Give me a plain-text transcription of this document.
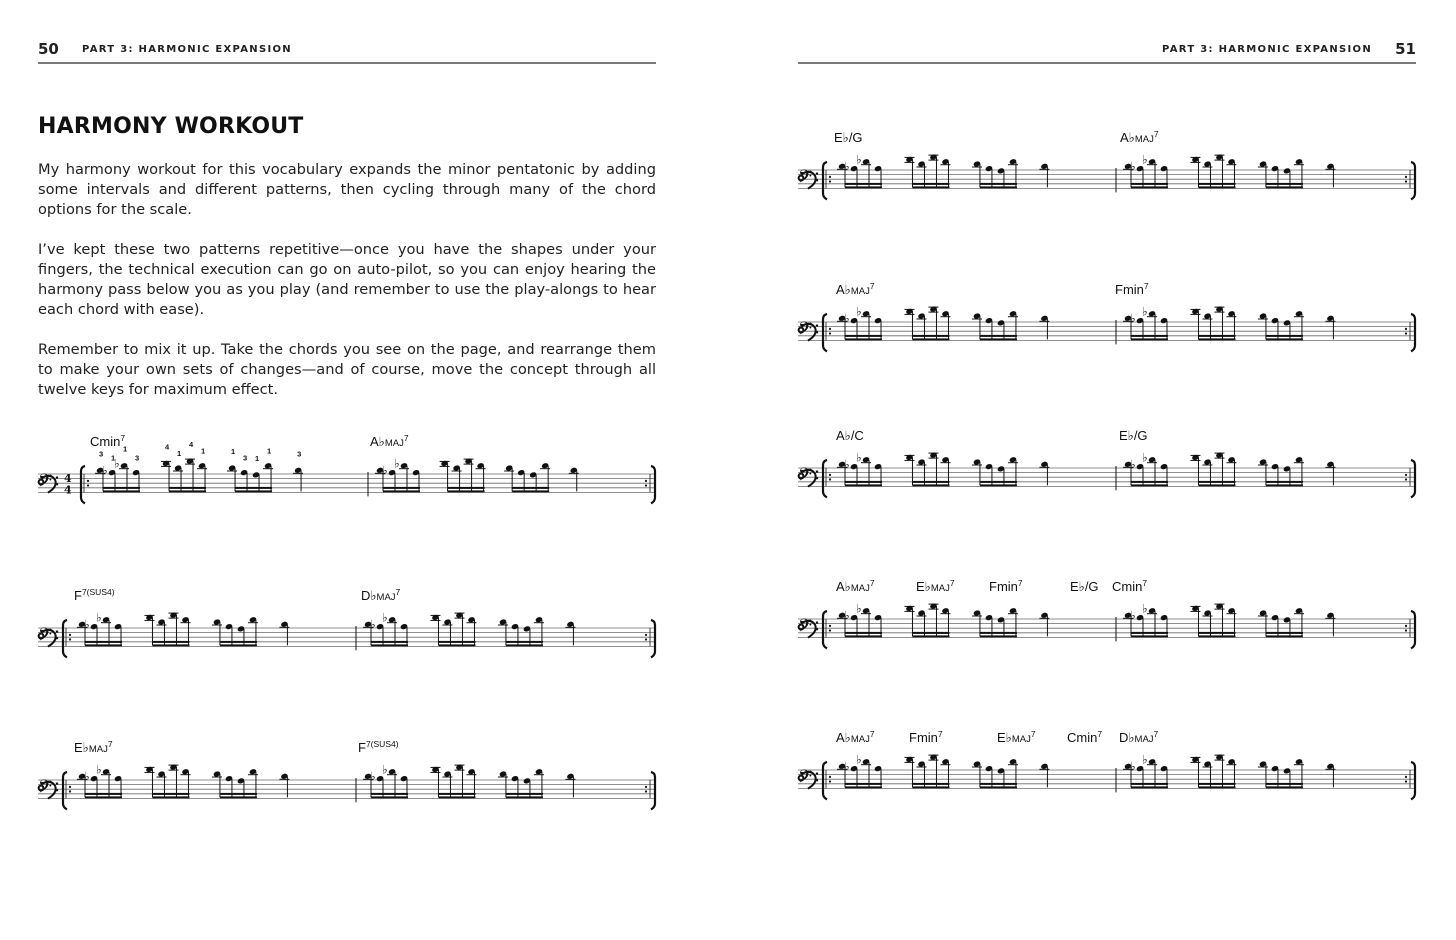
50 PART 3: HARMONIC EXPANSION
HARMONY WORKOUT

My harmony workout for this vocabulary expands the minor pentatonic by adding some intervals and different patterns, then cycling through many of the chord options for the scale.

I’ve kept these two patterns repetitive—once you have the shapes under your fingers, the technical execution can go on auto-pilot, so you can enjoy hearing the harmony pass below you as you play (and remember to use the play-alongs to hear each chord with ease).

Remember to mix it up. Take the chords you see on the page, and rearrange them to make your own sets of changes—and of course, move the concept through all twelve keys for maximum effect.

𝄢 4
4
3
♭
1
♭
1
3
4
1
4
1	1
3 1
1	3
♭ ♭
Cmin$^7$	A♭MAJ$^7$
𝄢
♭ ♭	♭ ♭
$F^{7(SUS4)}$	D♭MAJ$^7$
𝄢
♭ ♭	♭ ♭
E♭MAJ$^7$	$F^{7(SUS4)}$
PART 3: HARMONIC EXPANSION 51
𝄢
♭ ♭	♭ ♭
E♭/G	A♭MAJ$^7$
𝄢
♭ ♭	♭ ♭
A♭MAJ$^7$	Fmin$^7$
𝄢
♭ ♭	♭ ♭
A♭/C	E♭/G
𝄢
♭ ♭	♭ ♭
A♭MAJ$^7$	E♭MAJ$^7$	Fmin$^7$	E♭/G Cmin$^7$
𝄢
♭ ♭	♭ ♭
A♭MAJ$^7$	Fmin$^7$	E♭MAJ$^7$ Cmin$^7$ D♭MAJ$^7$
